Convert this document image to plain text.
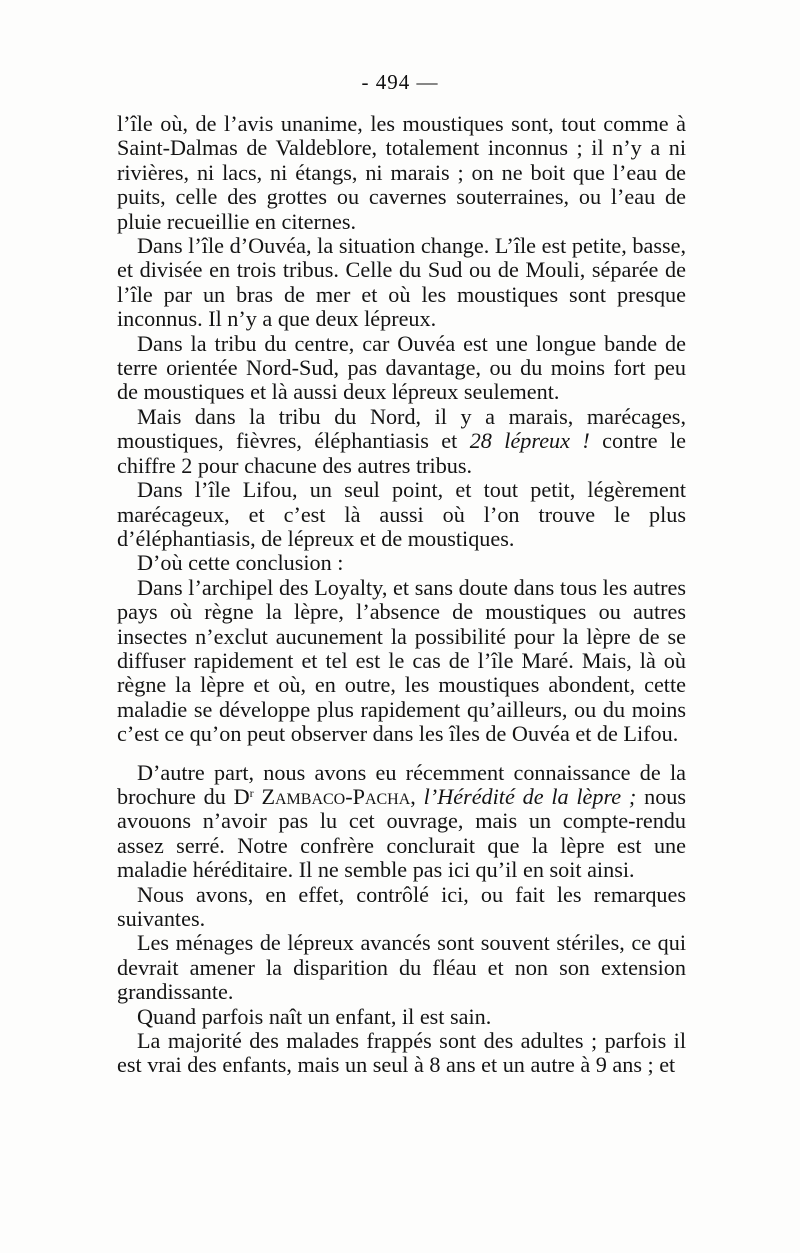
- 494 —

l’île où, de l’avis unanime, les moustiques sont, tout comme à Saint-Dalmas de Valdeblore, totalement inconnus ; il n’y a ni rivières, ni lacs, ni étangs, ni marais ; on ne boit que l’eau de puits, celle des grottes ou cavernes souterraines, ou l’eau de pluie recueillie en citernes.

Dans l’île d’Ouvéa, la situation change. L’île est petite, basse, et divisée en trois tribus. Celle du Sud ou de Mouli, séparée de l’île par un bras de mer et où les moustiques sont presque inconnus. Il n’y a que deux lépreux.

Dans la tribu du centre, car Ouvéa est une longue bande de terre orientée Nord-Sud, pas davantage, ou du moins fort peu de moustiques et là aussi deux lépreux seulement.

Mais dans la tribu du Nord, il y a marais, marécages, moustiques, fièvres, éléphantiasis et 28 lépreux ! contre le chiffre 2 pour chacune des autres tribus.

Dans l’île Lifou, un seul point, et tout petit, légèrement marécageux, et c’est là aussi où l’on trouve le plus d’éléphantiasis, de lépreux et de moustiques.

D’où cette conclusion :

Dans l’archipel des Loyalty, et sans doute dans tous les autres pays où règne la lèpre, l’absence de moustiques ou autres insectes n’exclut aucunement la possibilité pour la lèpre de se diffuser rapidement et tel est le cas de l’île Maré. Mais, là où règne la lèpre et où, en outre, les moustiques abondent, cette maladie se développe plus rapidement qu’ailleurs, ou du moins c’est ce qu’on peut observer dans les îles de Ouvéa et de Lifou.

D’autre part, nous avons eu récemment connaissance de la brochure du $D^r$ Zambaco-Pacha, l’Hérédité de la lèpre ; nous avouons n’avoir pas lu cet ouvrage, mais un compte-rendu assez serré. Notre confrère conclurait que la lèpre est une maladie héréditaire. Il ne semble pas ici qu’il en soit ainsi.

Nous avons, en effet, contrôlé ici, ou fait les remarques suivantes.

Les ménages de lépreux avancés sont souvent stériles, ce qui devrait amener la disparition du fléau et non son extension grandissante.

Quand parfois naît un enfant, il est sain.

La majorité des malades frappés sont des adultes ; parfois il est vrai des enfants, mais un seul à 8 ans et un autre à 9 ans ; et
